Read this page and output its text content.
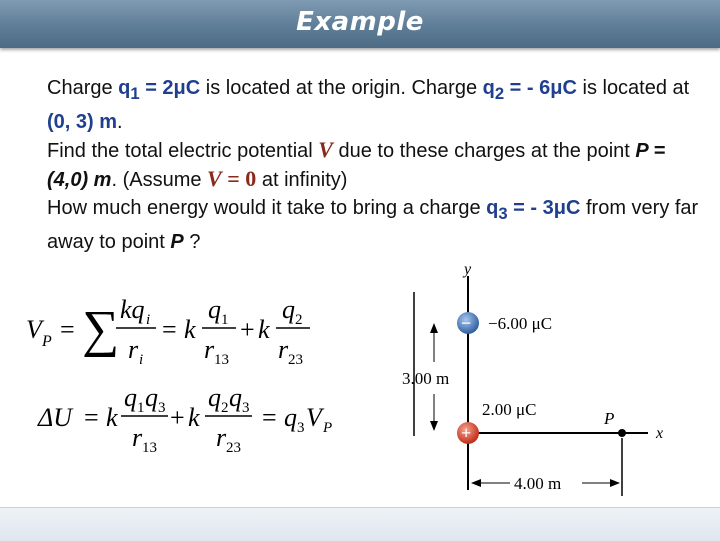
Example

Charge $q_1 = 2\mu C$ is located at the origin. Charge $q_2$ = - 6μC is located at (0, 3) m.

Find the total electric potential V due to these charges at the point P = (4,0) m. (Assume V = 0 at infinity)

How much energy would it take to bring a charge $q_3$ = - 3μC from very far away to point P ?

V P = ∑ kq i
r i
= k
q 1
r 13
+ k
q 2
r 23
ΔU = k
q 1 q 3
r 13
+ k
q 2 q 3
r 23
= q 3 V P
y
x
3.00 m
− −6.00 μC
+
2.00 μC	P
4.00 m
